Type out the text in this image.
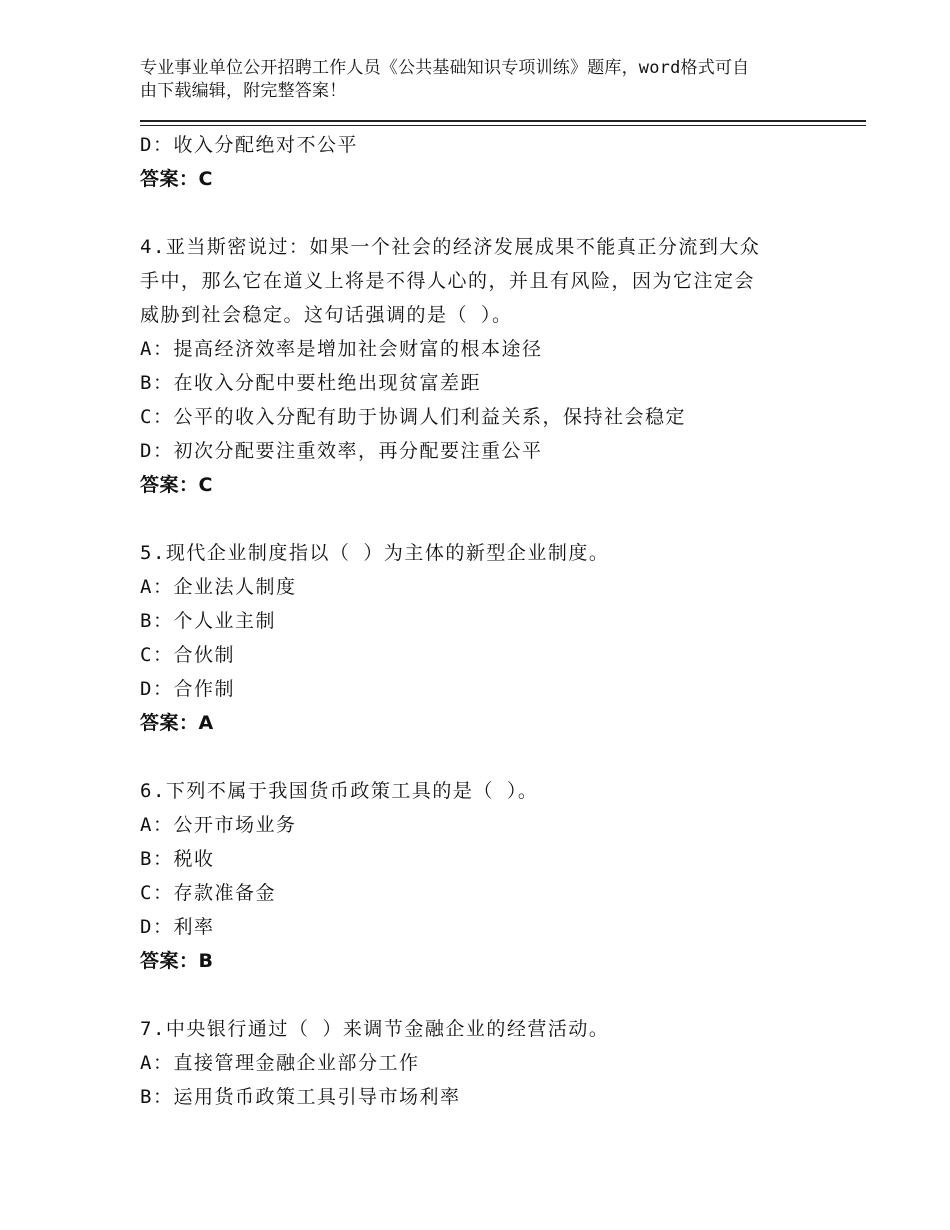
专业事业单位公开招聘工作人员《公共基础知识专项训练》题库，word格式可自
由下载编辑，附完整答案！
D：收入分配绝对不公平
答案：C
4.亚当斯密说过：如果一个社会的经济发展成果不能真正分流到大众
手中，那么它在道义上将是不得人心的，并且有风险，因为它注定会
威胁到社会稳定。这句话强调的是（ ）。
A：提高经济效率是增加社会财富的根本途径
B：在收入分配中要杜绝出现贫富差距
C：公平的收入分配有助于协调人们利益关系，保持社会稳定
D：初次分配要注重效率，再分配要注重公平
答案：C
5.现代企业制度指以（ ）为主体的新型企业制度。
A：企业法人制度
B：个人业主制
C：合伙制
D：合作制
答案：A
6.下列不属于我国货币政策工具的是（ ）。
A：公开市场业务
B：税收
C：存款准备金
D：利率
答案：B
7.中央银行通过（ ）来调节金融企业的经营活动。
A：直接管理金融企业部分工作
B：运用货币政策工具引导市场利率
